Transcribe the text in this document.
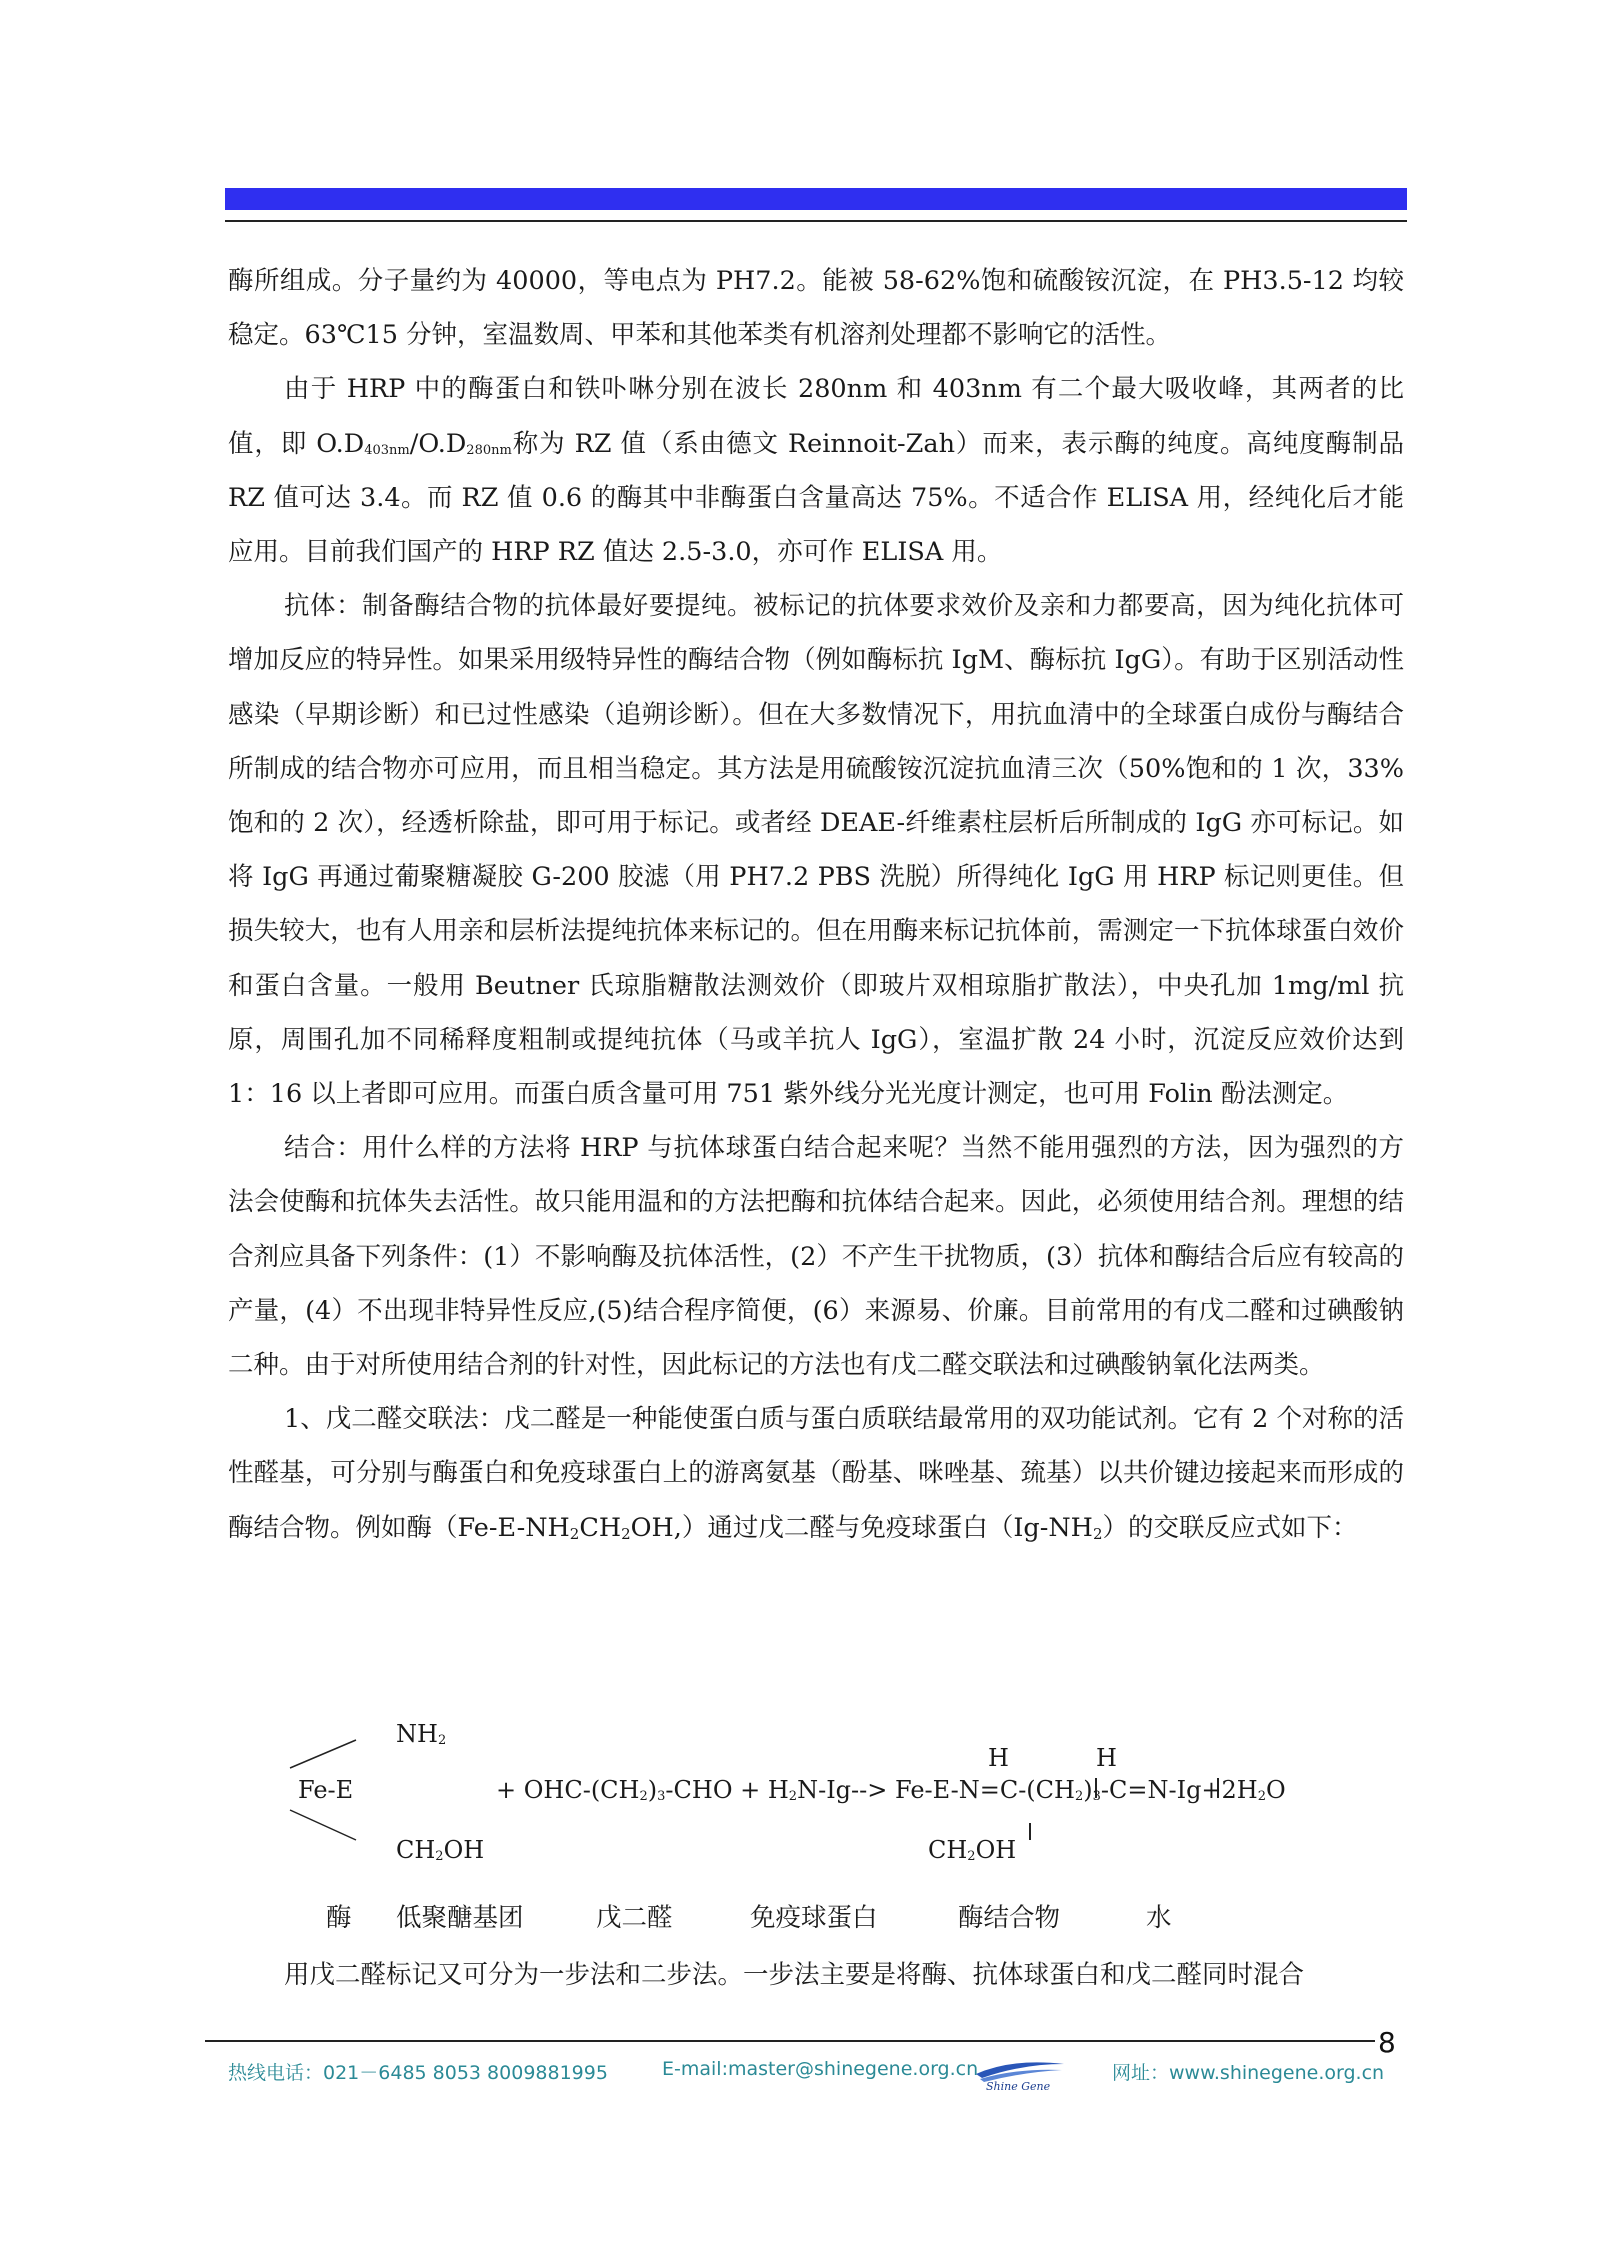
酶所组成。分子量约为 40000，等电点为 PH7.2。能被 58-62%饱和硫酸铵沉淀，在 PH3.5-12 均较稳定。63℃15 分钟，室温数周、甲苯和其他苯类有机溶剂处理都不影响它的活性。

由于 HRP 中的酶蛋白和铁卟啉分别在波长 280nm 和 403nm 有二个最大吸收峰，其两者的比值，即 $O.D_{403nm}/O.D_{280nm}$称为 RZ 值（系由德文 Reinnoit-Zah）而来，表示酶的纯度。高纯度酶制品 RZ 值可达 3.4。而 RZ 值 0.6 的酶其中非酶蛋白含量高达 75%。不适合作 ELISA 用，经纯化后才能应用。目前我们国产的 HRP RZ 值达 2.5-3.0，亦可作 ELISA 用。

抗体：制备酶结合物的抗体最好要提纯。被标记的抗体要求效价及亲和力都要高，因为纯化抗体可增加反应的特异性。如果采用级特异性的酶结合物（例如酶标抗 IgM、酶标抗 IgG）。有助于区别活动性感染（早期诊断）和已过性感染（追朔诊断）。但在大多数情况下，用抗血清中的全球蛋白成份与酶结合所制成的结合物亦可应用，而且相当稳定。其方法是用硫酸铵沉淀抗血清三次（50%饱和的 1 次，33%饱和的 2 次），经透析除盐，即可用于标记。或者经 DEAE-纤维素柱层析后所制成的 IgG 亦可标记。如将 IgG 再通过葡聚糖凝胶 G-200 胶滤（用 PH7.2 PBS 洗脱）所得纯化 IgG 用 HRP 标记则更佳。但损失较大，也有人用亲和层析法提纯抗体来标记的。但在用酶来标记抗体前，需测定一下抗体球蛋白效价和蛋白含量。一般用 Beutner 氏琼脂糖散法测效价（即玻片双相琼脂扩散法），中央孔加 1mg/ml 抗原，周围孔加不同稀释度粗制或提纯抗体（马或羊抗人 IgG），室温扩散 24 小时，沉淀反应效价达到 1：16 以上者即可应用。而蛋白质含量可用 751 紫外线分光光度计测定，也可用 Folin 酚法测定。

结合：用什么样的方法将 HRP 与抗体球蛋白结合起来呢？当然不能用强烈的方法，因为强烈的方法会使酶和抗体失去活性。故只能用温和的方法把酶和抗体结合起来。因此，必须使用结合剂。理想的结合剂应具备下列条件：(1）不影响酶及抗体活性，(2）不产生干扰物质，(3）抗体和酶结合后应有较高的产量，(4）不出现非特异性反应,(5)结合程序简便，(6）来源易、价廉。目前常用的有戊二醛和过碘酸钠二种。由于对所使用结合剂的针对性，因此标记的方法也有戊二醛交联法和过碘酸钠氧化法两类。

1、戊二醛交联法：戊二醛是一种能使蛋白质与蛋白质联结最常用的双功能试剂。它有 2 个对称的活性醛基，可分别与酶蛋白和免疫球蛋白上的游离氨基（酚基、咪唑基、巯基）以共价键边接起来而形成的酶结合物。例如酶$(Fe-E-NH_2CH_2OH,)$通过戊二醛与免疫球蛋白$(Ig-NH_2)$的交联反应式如下：

$NH_2$
Fe-E
$CH_2OH$
+ OHC-$(CH_2)_3$-CHO + $H_2N-Ig--> Fe-E-N=C-(CH_2)_3-C=N-Ig+2H_2O$
H	H
$CH_2OH$
酶 低聚醣基团	戊二醛	免疫球蛋白	酶结合物	水

用戊二醛标记又可分为一步法和二步法。一步法主要是将酶、抗体球蛋白和戊二醛同时混合

8
热线电话：021－6485 8053 8009881995	E-mail:master@shinegene.org.cn
Shine Gene
网址：www.shinegene.org.cn
